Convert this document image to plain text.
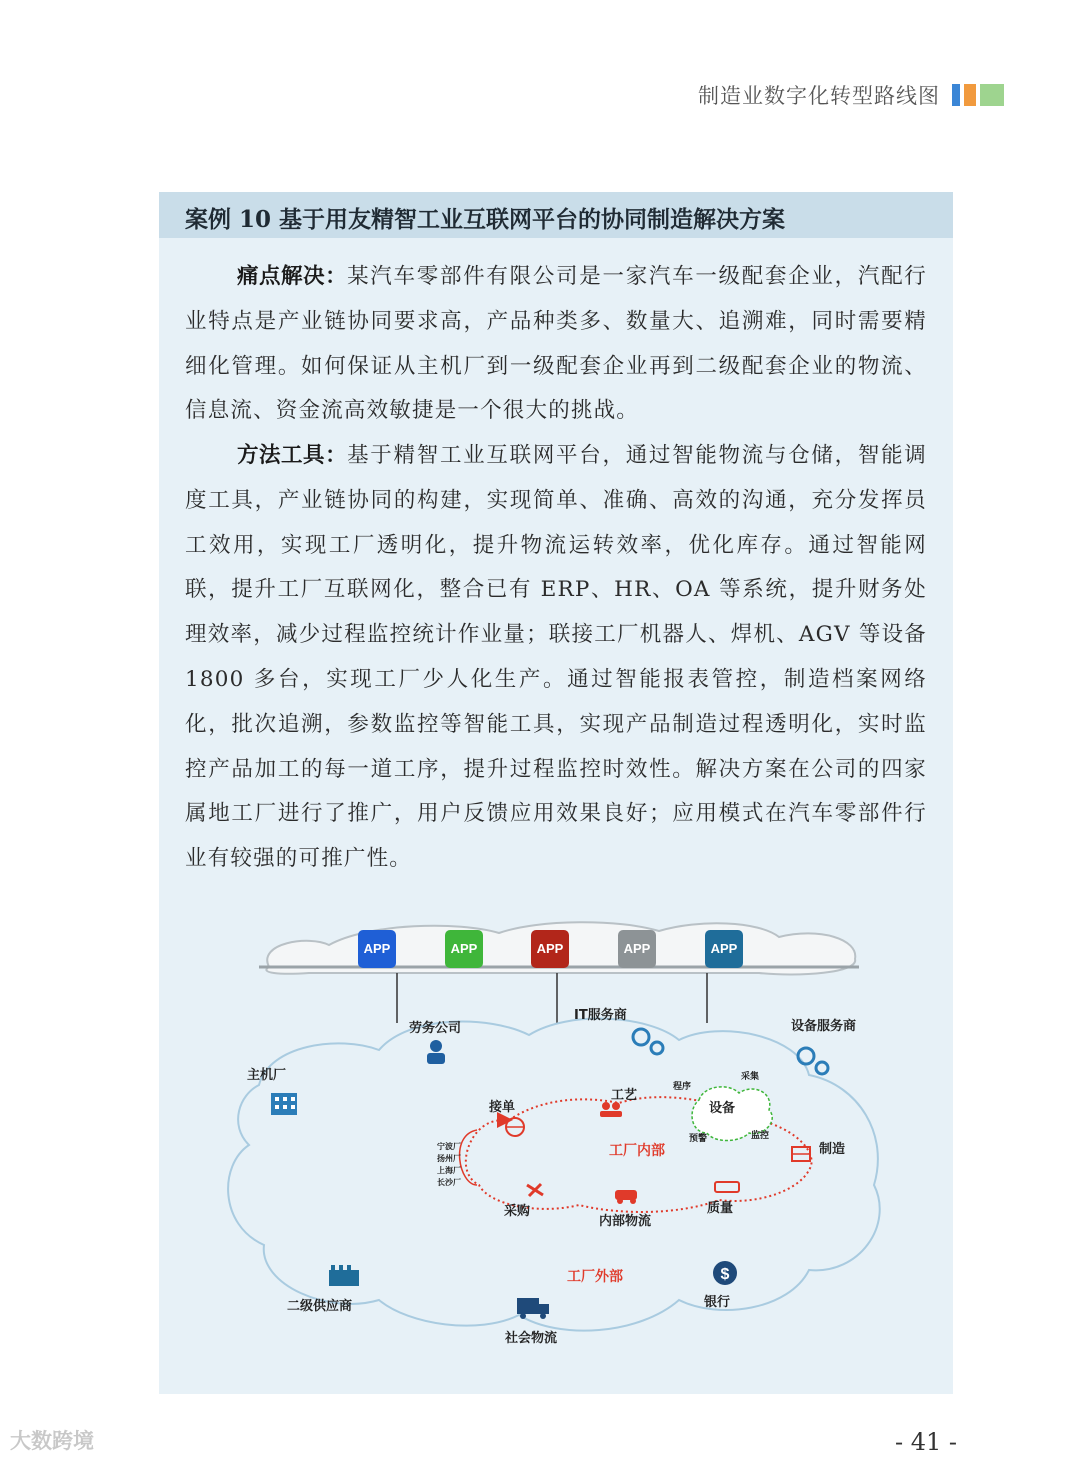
制造业数字化转型路线图
案例 10 基于用友精智工业互联网平台的协同制造解决方案
痛点解决：某汽车零部件有限公司是一家汽车一级配套企业，汽配行业特点是产业链协同要求高，产品种类多、数量大、追溯难，同时需要精细化管理。如何保证从主机厂到一级配套企业再到二级配套企业的物流、信息流、资金流高效敏捷是一个很大的挑战。
方法工具：基于精智工业互联网平台，通过智能物流与仓储，智能调度工具，产业链协同的构建，实现简单、准确、高效的沟通，充分发挥员工效用，实现工厂透明化，提升物流运转效率，优化库存。通过智能网联，提升工厂互联网化，整合已有 ERP、HR、OA 等系统，提升财务处理效率，减少过程监控统计作业量；联接工厂机器人、焊机、AGV 等设备 1800 多台，实现工厂少人化生产。通过智能报表管控，制造档案网络化，批次追溯，参数监控等智能工具，实现产品制造过程透明化，实时监控产品加工的每一道工序，提升过程监控时效性。解决方案在公司的四家属地工厂进行了推广，用户反馈应用效果良好；应用模式在汽车零部件行业有较强的可推广性。
APP	APP	APP	APP	APP
$
劳务公司
IT服务商
设备服务商
主机厂
接单
工艺
程序
采集
设备
预警	监控
工厂内部	制造
采购
内部物流
质量
工厂外部
二级供应商	银行
社会物流
宁波厂
扬州厂
上海厂
长沙厂
- 41 -
大数跨境
